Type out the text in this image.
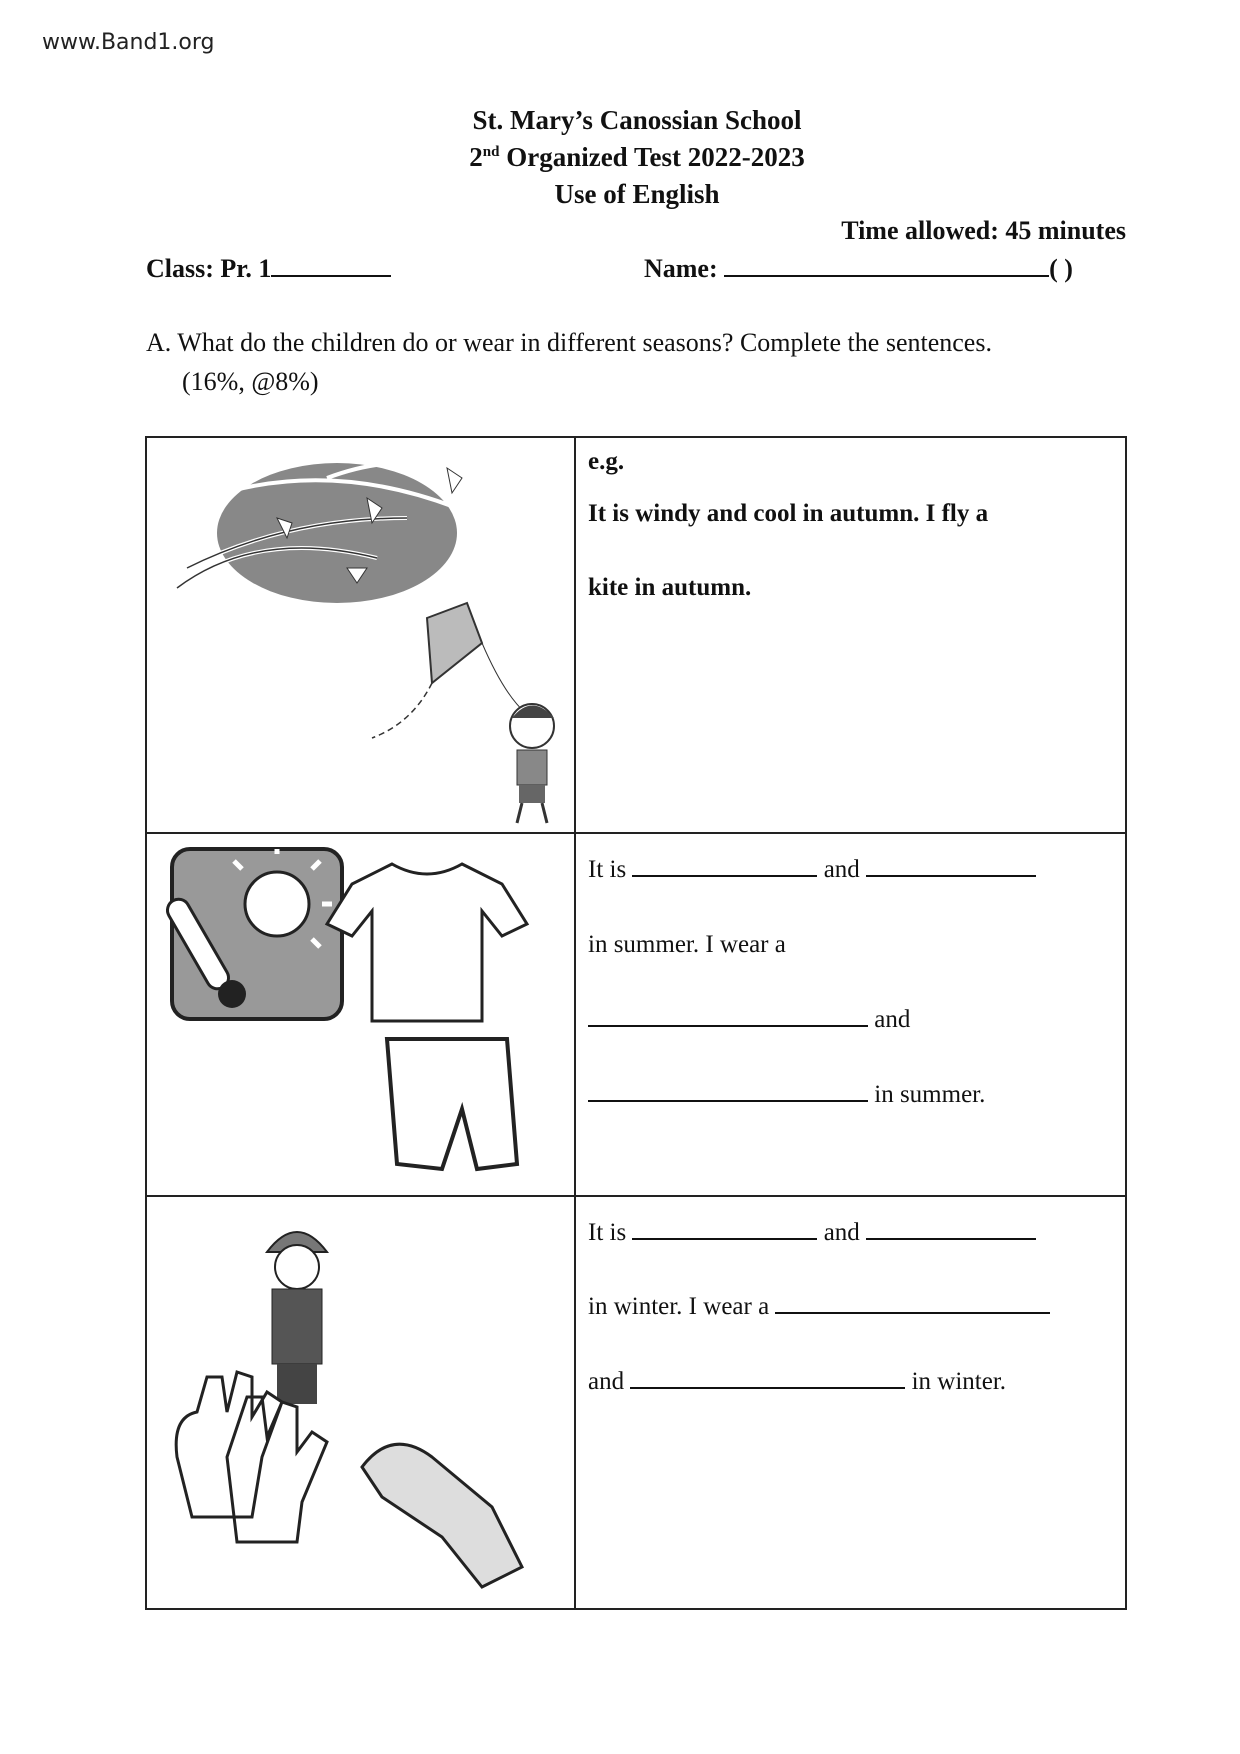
www.Band1.org
St. Mary’s Canossian School
2nd Organized Test 2022-2023
Use of English
Time allowed: 45 minutes
Class: Pr. 1	Name:	( )
A. What do the children do or wear in different seasons? Complete the sentences.
(16%, @8%)

e.g.
It is windy and cool in autumn. I fly a
kite in autumn.

It is and
in summer. I wear a
and
in summer.

It is and
in winter. I wear a
and in winter.
